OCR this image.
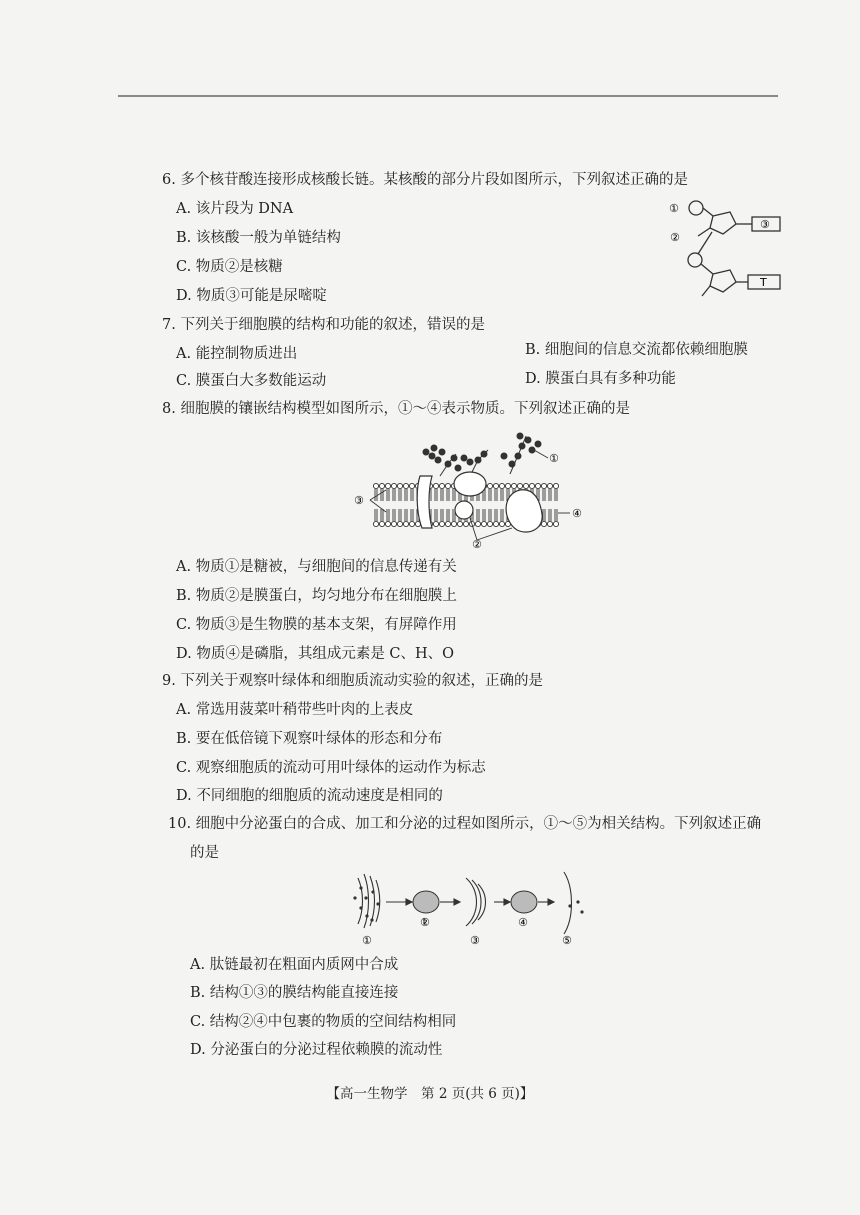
6. 多个核苷酸连接形成核酸长链。某核酸的部分片段如图所示，下列叙述正确的是
A. 该片段为 DNA
B. 该核酸一般为单链结构
C. 物质②是核糖
D. 物质③可能是尿嘧啶
①
②
③
T
7. 下列关于细胞膜的结构和功能的叙述，错误的是
A. 能控制物质进出	B. 细胞间的信息交流都依赖细胞膜
C. 膜蛋白大多数能运动	D. 膜蛋白具有多种功能
8. 细胞膜的镶嵌结构模型如图所示，①～④表示物质。下列叙述正确的是
①
②
③
④
A. 物质①是糖被，与细胞间的信息传递有关
B. 物质②是膜蛋白，均匀地分布在细胞膜上
C. 物质③是生物膜的基本支架，有屏障作用
D. 物质④是磷脂，其组成元素是 C、H、O
9. 下列关于观察叶绿体和细胞质流动实验的叙述，正确的是
A. 常选用菠菜叶稍带些叶肉的上表皮
B. 要在低倍镜下观察叶绿体的形态和分布
C. 观察细胞质的流动可用叶绿体的运动作为标志
D. 不同细胞的细胞质的流动速度是相同的
10. 细胞中分泌蛋白的合成、加工和分泌的过程如图所示，①～⑤为相关结构。下列叙述正确
的是
①
②
③
④
⑤
A. 肽链最初在粗面内质网中合成
B. 结构①③的膜结构能直接连接
C. 结构②④中包裹的物质的空间结构相同
D. 分泌蛋白的分泌过程依赖膜的流动性
【高一生物学　第 2 页(共 6 页)】
